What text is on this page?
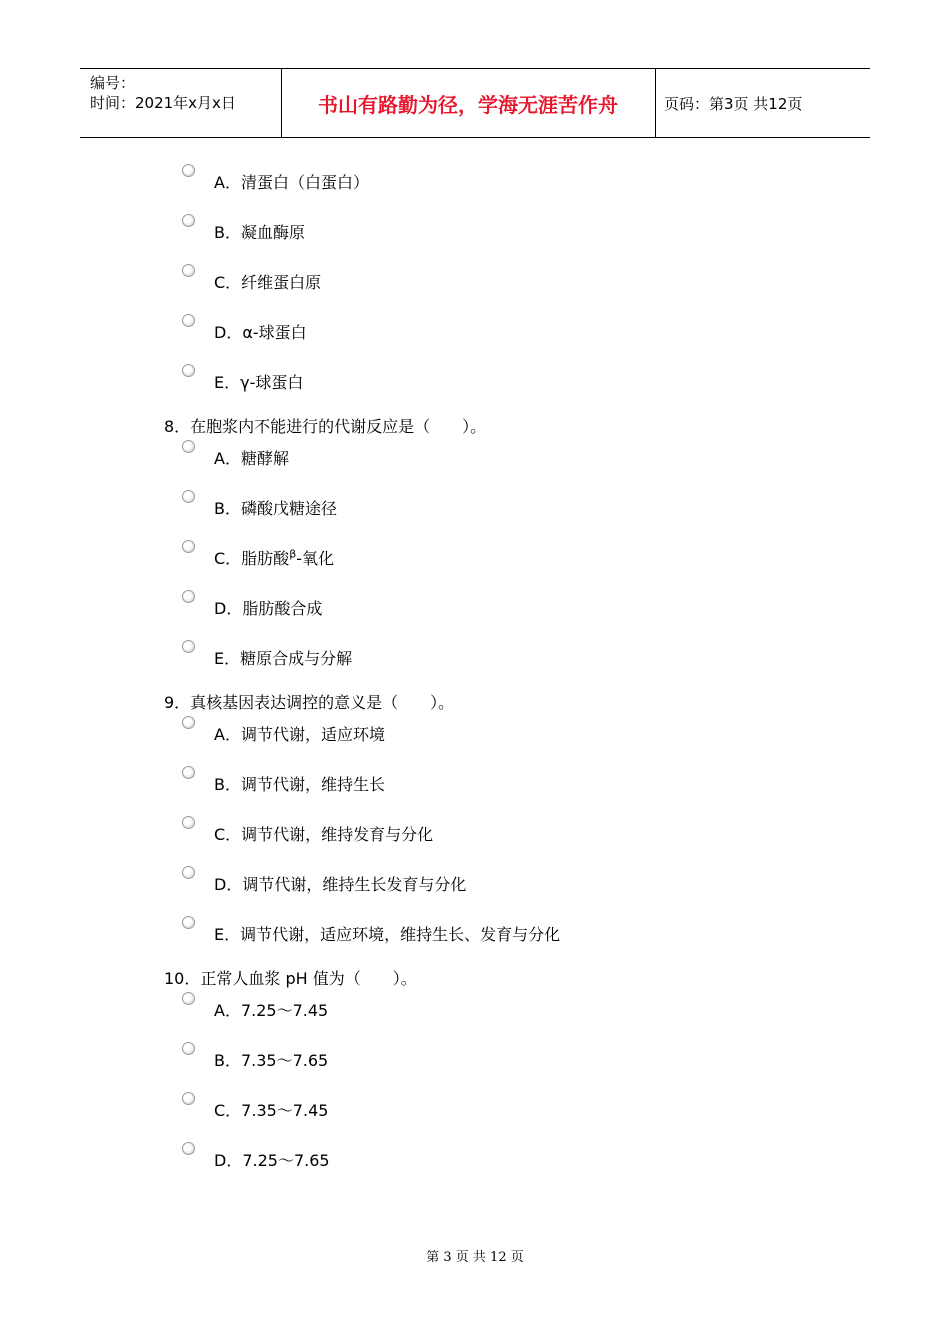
编号：
时间：2021年x月x日	书山有路勤为径，学海无涯苦作舟	页码：第3页 共12页
A．清蛋白（白蛋白）
B．凝血酶原
C．纤维蛋白原
D．α-球蛋白
E．γ-球蛋白
8．在胞浆内不能进行的代谢反应是（　　）。
A．糖酵解
B．磷酸戊糖途径
C．脂肪酸$^\beta$-氧化
D．脂肪酸合成
E．糖原合成与分解
9．真核基因表达调控的意义是（　　）。
A．调节代谢，适应环境
B．调节代谢，维持生长
C．调节代谢，维持发育与分化
D．调节代谢，维持生长发育与分化
E．调节代谢，适应环境，维持生长、发育与分化
10．正常人血浆 pH 值为（　　）。
A．7.25～7.45
B．7.35～7.65
C．7.35～7.45
D．7.25～7.65
第 3 页 共 12 页
